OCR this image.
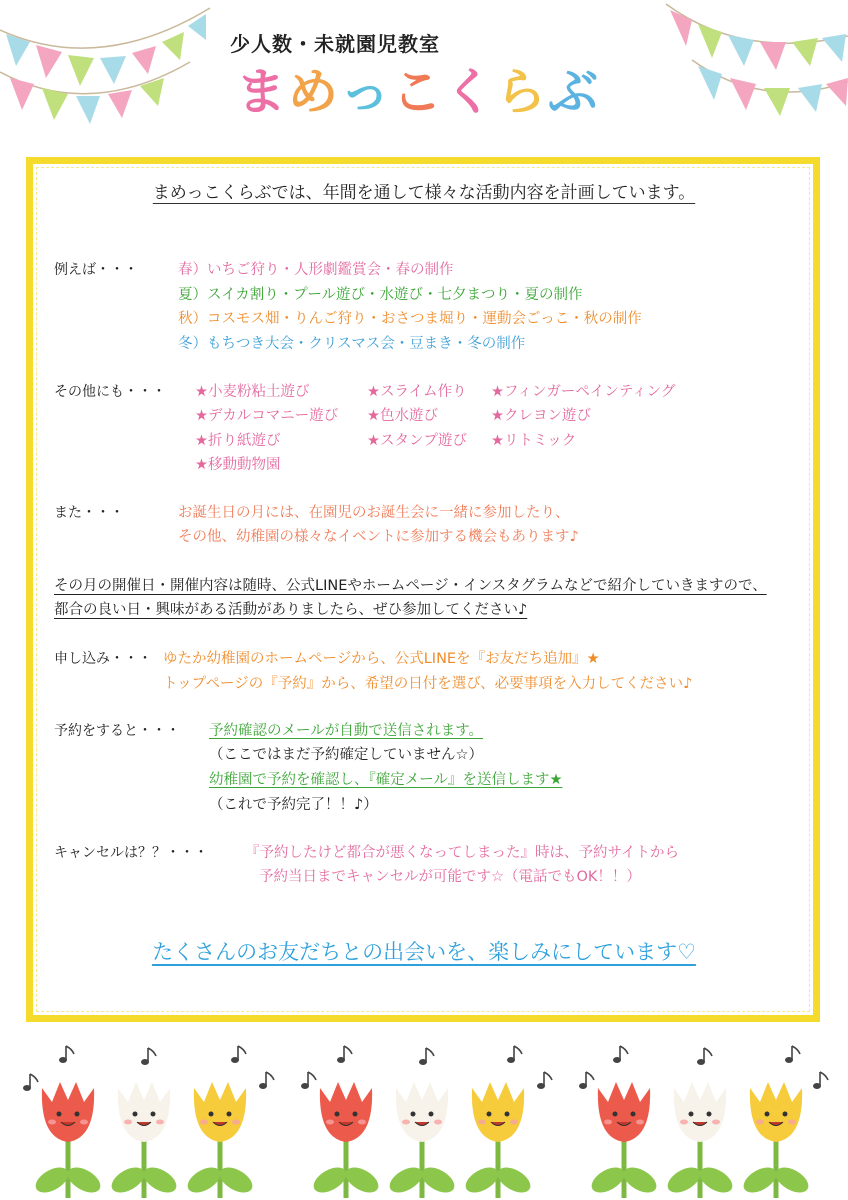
少人数・未就園児教室
まめっこくらぶ
まめっこくらぶでは、年間を通して様々な活動内容を計画しています。
例えば・・・	春）いちご狩り・人形劇鑑賞会・春の制作
夏）スイカ割り・プール遊び・水遊び・七夕まつり・夏の制作
秋）コスモス畑・りんご狩り・おさつま堀り・運動会ごっこ・秋の制作
冬）もちつき大会・クリスマス会・豆まき・冬の制作
その他にも・・・ ★小麦粉粘土遊び	★スライム作り ★フィンガーペインティング
★デカルコマニー遊び ★色水遊び	★クレヨン遊び
★折り紙遊び	★スタンプ遊び ★リトミック
★移動動物園
また・・・	お誕生日の月には、在園児のお誕生会に一緒に参加したり、
その他、幼稚園の様々なイベントに参加する機会もあります♪
その月の開催日・開催内容は随時、公式LINEやホームページ・インスタグラムなどで紹介していきますので、
都合の良い日・興味がある活動がありましたら、ぜひ参加してください♪
申し込み・・・ ゆたか幼稚園のホームページから、公式LINEを『お友だち追加』★
トップページの『予約』から、希望の日付を選び、必要事項を入力してください♪
予約をすると・・・ 予約確認のメールが自動で送信されます。
（ここではまだ予約確定していません☆）
幼稚園で予約を確認し、『確定メール』を送信します★
（これで予約完了！！♪）
キャンセルは？？・・・	『予約したけど都合が悪くなってしまった』時は、予約サイトから
予約当日までキャンセルが可能です☆（電話でもOK！！）
たくさんのお友だちとの出会いを、楽しみにしています♡
